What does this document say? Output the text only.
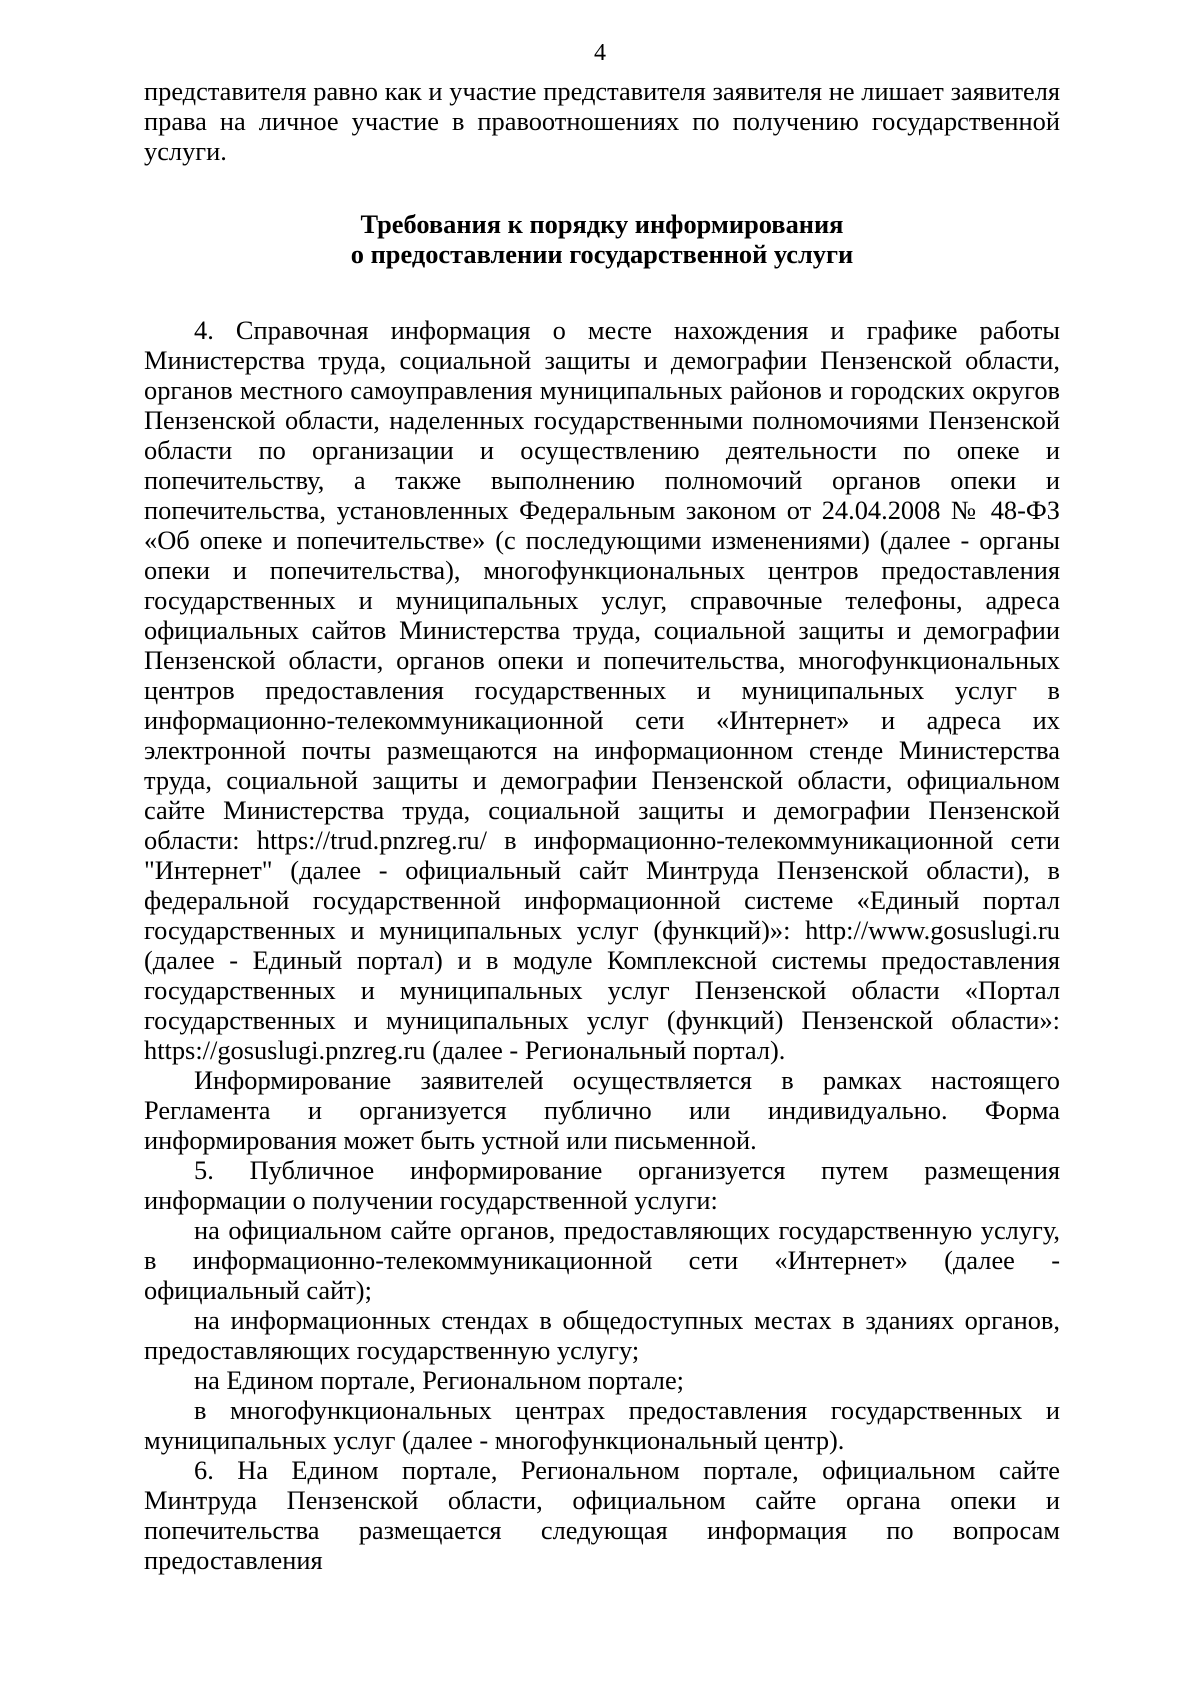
4

представителя равно как и участие представителя заявителя не лишает заявителя права на личное участие в правоотношениях по получению государственной услуги.

Требования к порядку информирования
о предоставлении государственной услуги

4. Справочная информация о месте нахождения и графике работы Министерства труда, социальной защиты и демографии Пензенской области, органов местного самоуправления муниципальных районов и городских округов Пензенской области, наделенных государственными полномочиями Пензенской области по организации и осуществлению деятельности по опеке и попечительству, а также выполнению полномочий органов опеки и попечительства, установленных Федеральным законом от 24.04.2008 № 48-ФЗ «Об опеке и попечительстве» (с последующими изменениями) (далее - органы опеки и попечительства), многофункциональных центров предоставления государственных и муниципальных услуг, справочные телефоны, адреса официальных сайтов Министерства труда, социальной защиты и демографии Пензенской области, органов опеки и попечительства, многофункциональных центров предоставления государственных и муниципальных услуг в информационно-телекоммуникационной сети «Интернет» и адреса их электронной почты размещаются на информационном стенде Министерства труда, социальной защиты и демографии Пензенской области, официальном сайте Министерства труда, социальной защиты и демографии Пензенской области: https://trud.pnzreg.ru/ в информационно-телекоммуникационной сети "Интернет" (далее - официальный сайт Минтруда Пензенской области), в федеральной государственной информационной системе «Единый портал государственных и муниципальных услуг (функций)»: http://www.gosuslugi.ru (далее - Единый портал) и в модуле Комплексной системы предоставления государственных и муниципальных услуг Пензенской области «Портал государственных и муниципальных услуг (функций) Пензенской области»: https://gosuslugi.pnzreg.ru (далее - Региональный портал).

Информирование заявителей осуществляется в рамках настоящего Регламента и организуется публично или индивидуально. Форма информирования может быть устной или письменной.

5. Публичное информирование организуется путем размещения информации о получении государственной услуги:

на официальном сайте органов, предоставляющих государственную услугу, в информационно-телекоммуникационной сети «Интернет» (далее - официальный сайт);

на информационных стендах в общедоступных местах в зданиях органов, предоставляющих государственную услугу;

на Едином портале, Региональном портале;

в многофункциональных центрах предоставления государственных и муниципальных услуг (далее - многофункциональный центр).

6. На Едином портале, Региональном портале, официальном сайте Минтруда Пензенской области, официальном сайте органа опеки и попечительства размещается следующая информация по вопросам предоставления
